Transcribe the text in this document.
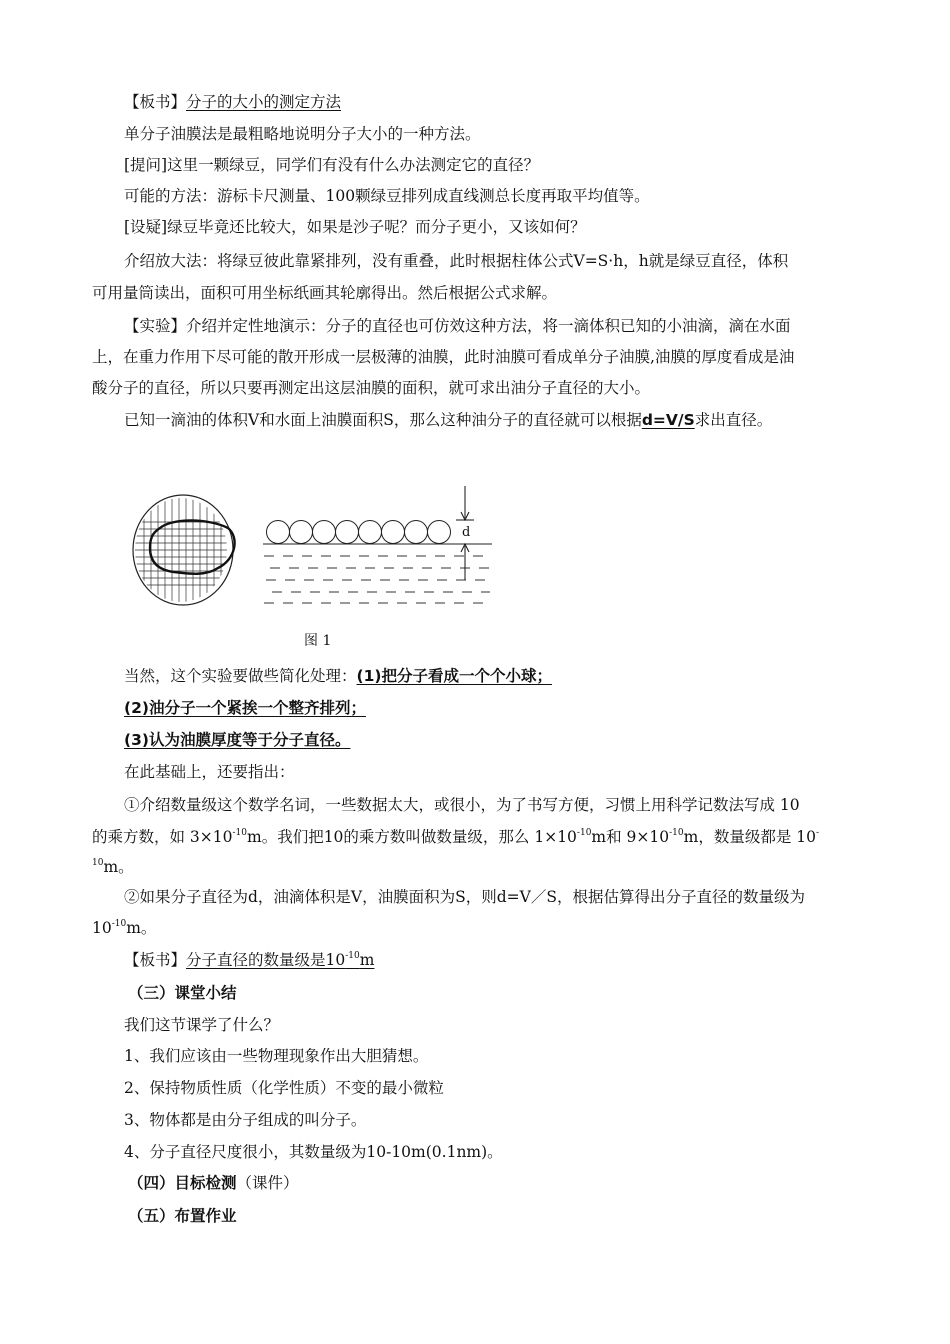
【板书】分子的大小的测定方法
单分子油膜法是最粗略地说明分子大小的一种方法。
[提问]这里一颗绿豆，同学们有没有什么办法测定它的直径？
可能的方法：游标卡尺测量、100颗绿豆排列成直线测总长度再取平均值等。
[设疑]绿豆毕竟还比较大，如果是沙子呢？而分子更小，又该如何？
介绍放大法：将绿豆彼此靠紧排列，没有重叠，此时根据柱体公式V=S·h，h就是绿豆直径，体积
可用量筒读出，面积可用坐标纸画其轮廓得出。然后根据公式求解。
【实验】介绍并定性地演示：分子的直径也可仿效这种方法，将一滴体积已知的小油滴，滴在水面
上，在重力作用下尽可能的散开形成一层极薄的油膜，此时油膜可看成单分子油膜,油膜的厚度看成是油
酸分子的直径，所以只要再测定出这层油膜的面积，就可求出油分子直径的大小。
已知一滴油的体积V和水面上油膜面积S，那么这种油分子的直径就可以根据d=V/S求出直径。
d
图 1
当然，这个实验要做些简化处理：(1)把分子看成一个个小球；
(2)油分子一个紧挨一个整齐排列；
(3)认为油膜厚度等于分子直径。
在此基础上，还要指出：
①介绍数量级这个数学名词，一些数据太大，或很小，为了书写方便，习惯上用科学记数法写成 10
的乘方数，如 $3\times 10^{-10}m$。我们把10的乘方数叫做数量级，那么 $1\times 10^{-10}m$和 $9\times 10^{-10}m$，数量级都是 10-
$^{10}$m。
②如果分子直径为d，油滴体积是V，油膜面积为S，则d=V／S，根据估算得出分子直径的数量级为
$10^{-10}m$。
【板书】分子直径的数量级是$10^{-10}m$
（三）课堂小结
我们这节课学了什么？
1、我们应该由一些物理现象作出大胆猜想。
2、保持物质性质（化学性质）不变的最小微粒
3、物体都是由分子组成的叫分子。
4、分子直径尺度很小，其数量级为10-10m(0.1nm)。
（四）目标检测（课件）
（五）布置作业
